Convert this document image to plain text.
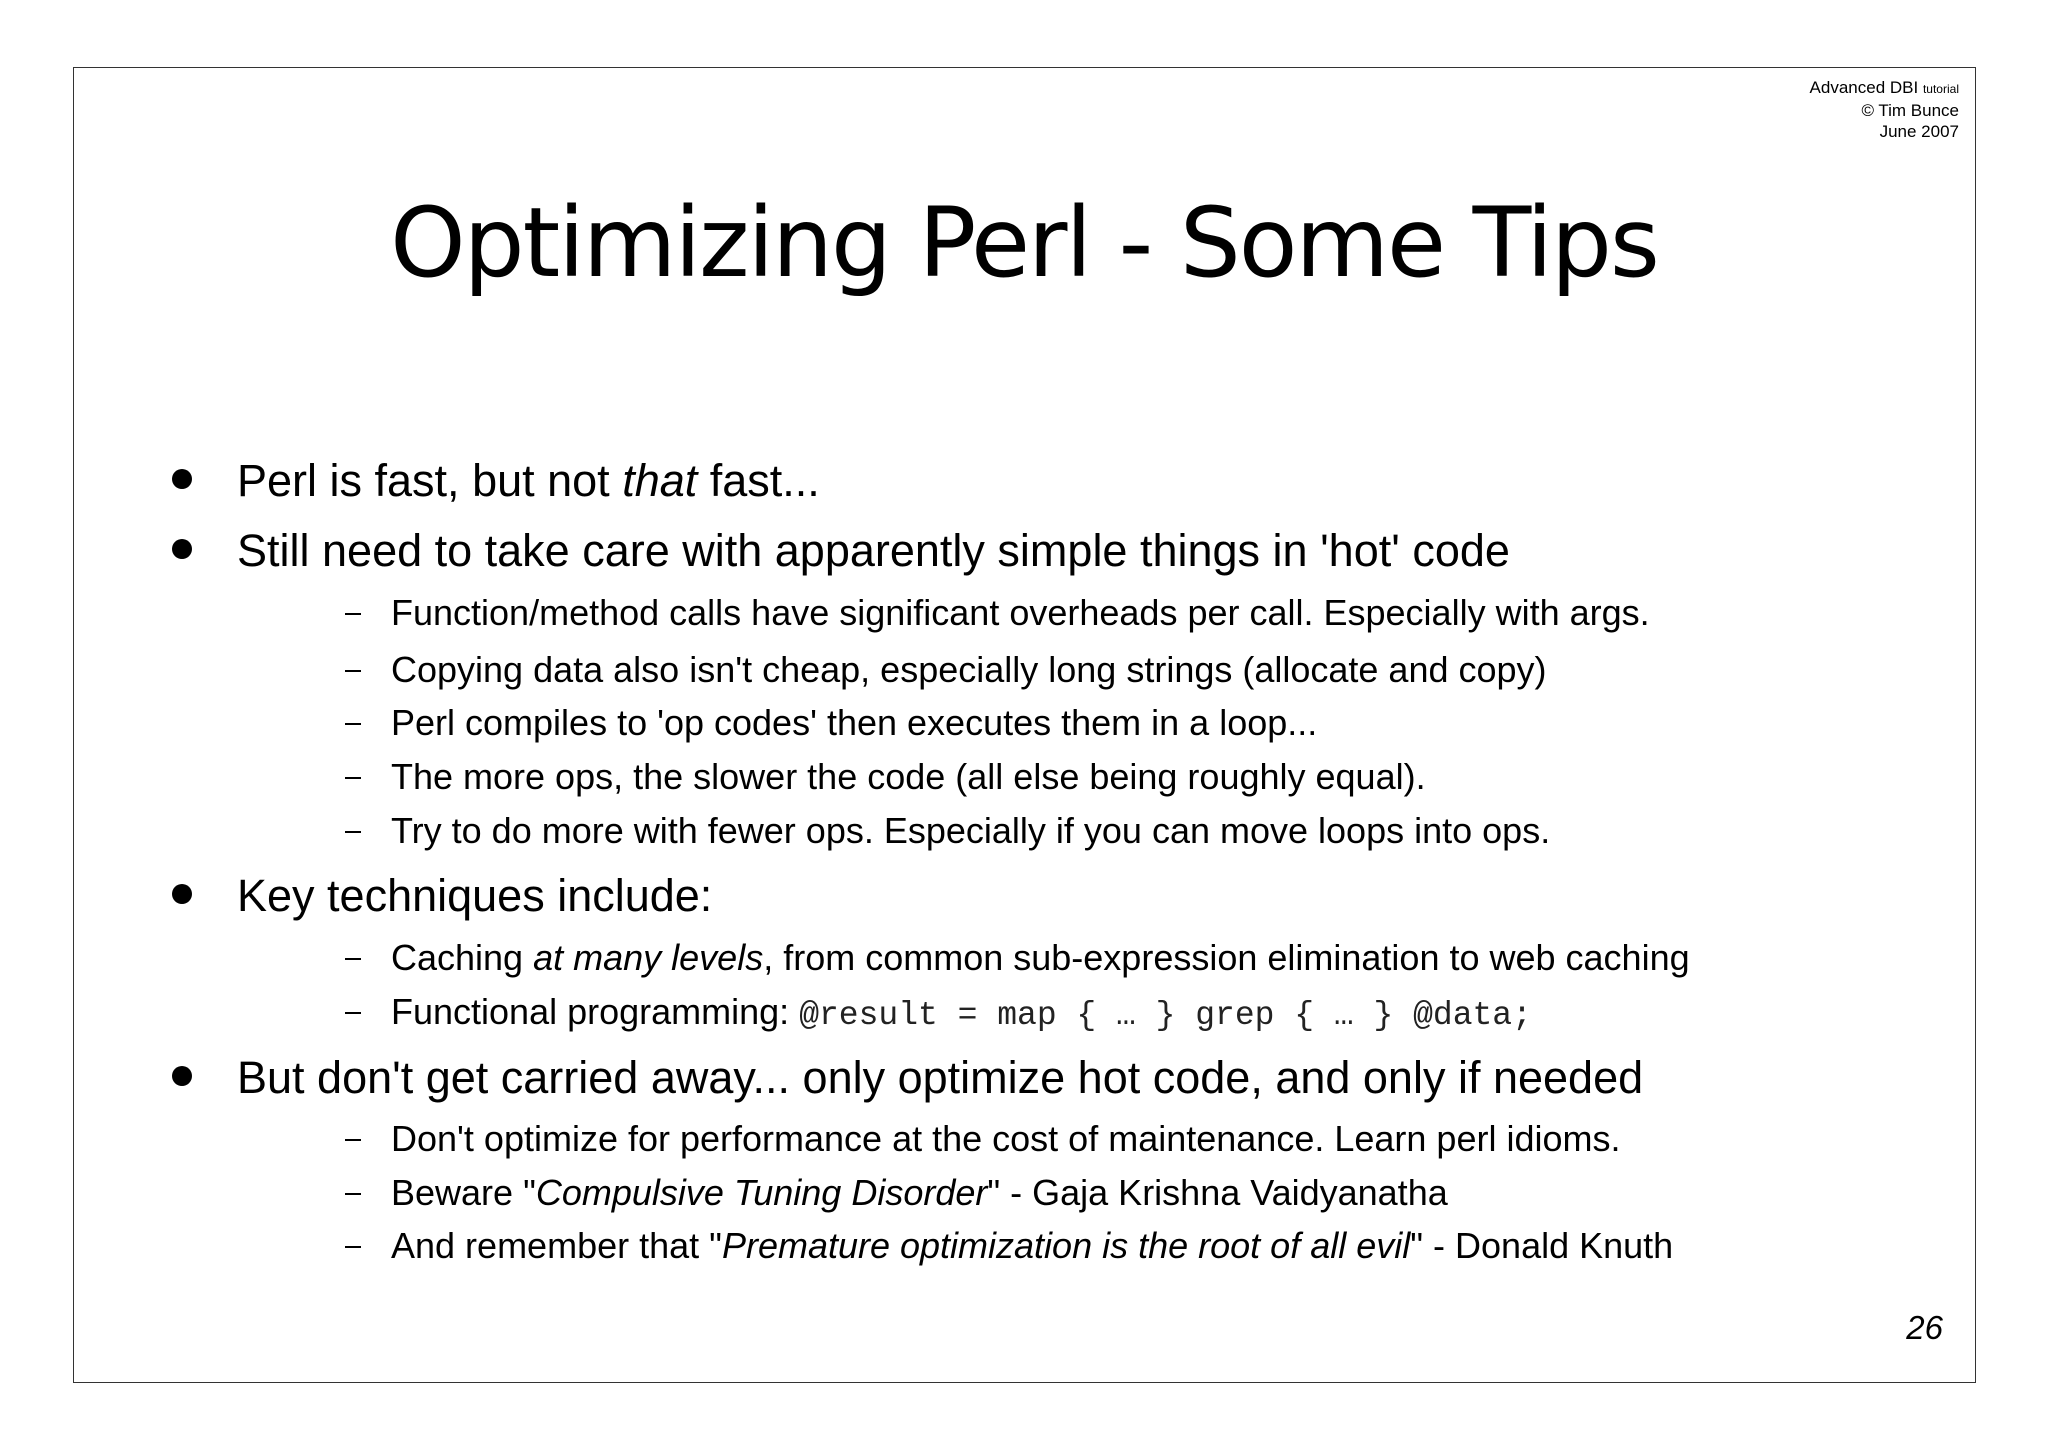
Advanced DBI tutorial
© Tim Bunce
June 2007
Optimizing Perl - Some Tips
Perl is fast, but not that fast...
Still need to take care with apparently simple things in 'hot' code
Function/method calls have significant overheads per call. Especially with args.
Copying data also isn't cheap, especially long strings (allocate and copy)
Perl compiles to 'op codes' then executes them in a loop...
The more ops, the slower the code (all else being roughly equal).
Try to do more with fewer ops. Especially if you can move loops into ops.
Key techniques include:
Caching at many levels, from common sub-expression elimination to web caching
Functional programming: @result = map { … } grep { … } @data;
But don't get carried away... only optimize hot code, and only if needed
Don't optimize for performance at the cost of maintenance. Learn perl idioms.
Beware "Compulsive Tuning Disorder" - Gaja Krishna Vaidyanatha
And remember that "Premature optimization is the root of all evil" - Donald Knuth
26
